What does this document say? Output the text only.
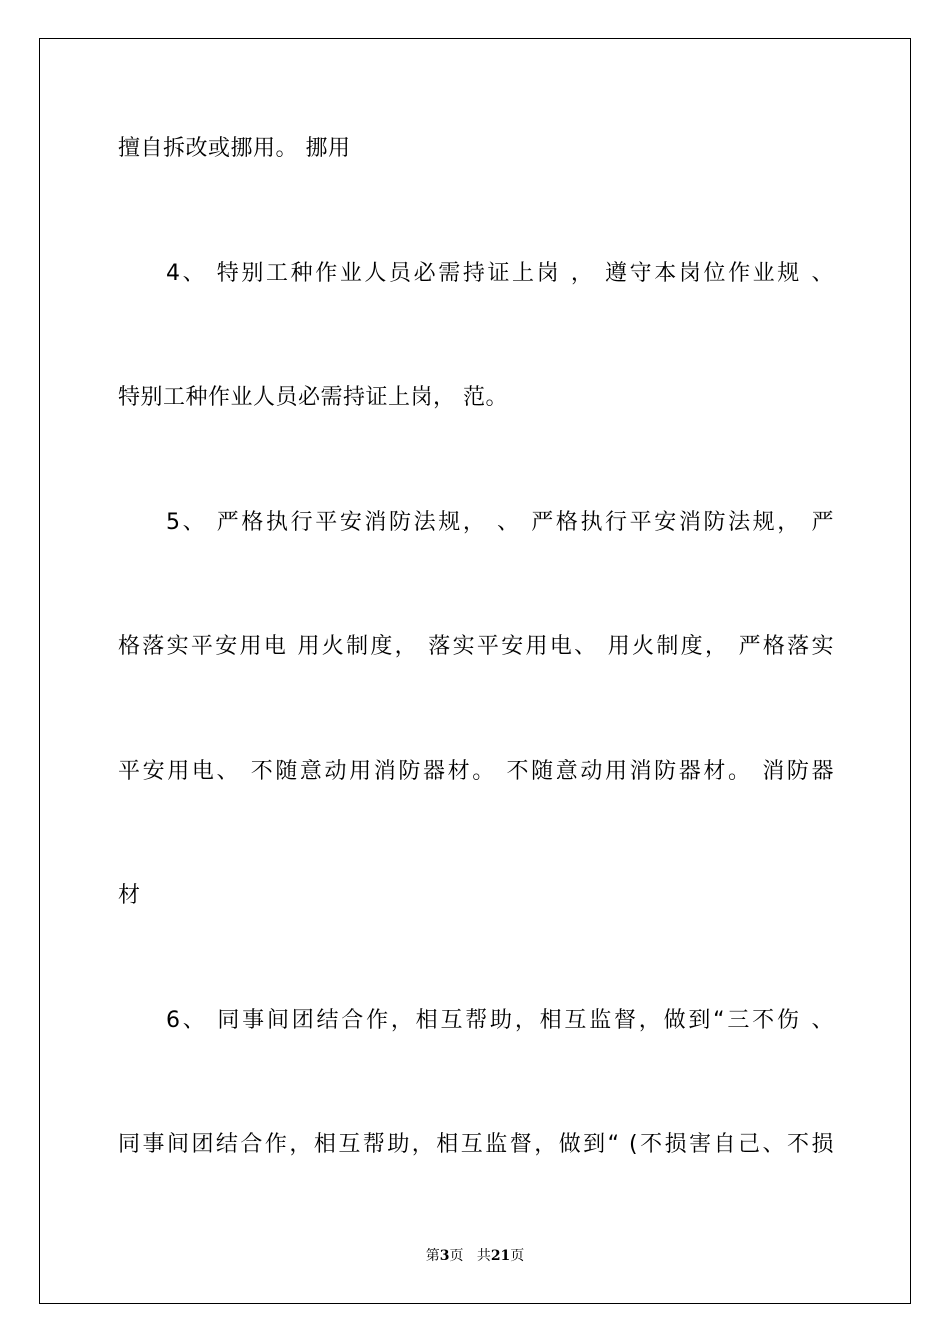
擅自拆改或挪用。 挪用
4、 特别工种作业人员必需持证上岗 ， 遵守本岗位作业规 、
特别工种作业人员必需持证上岗， 范。
5、 严格执行平安消防法规， 、 严格执行平安消防法规， 严
格落实平安用电 用火制度， 落实平安用电、 用火制度， 严格落实
平安用电、 不随意动用消防器材。 不随意动用消防器材。 消防器
材
6、 同事间团结合作，相互帮助，相互监督，做到“三不伤 、
同事间团结合作，相互帮助，相互监督，做到“ (不损害自己、不损
第3页 共21页
